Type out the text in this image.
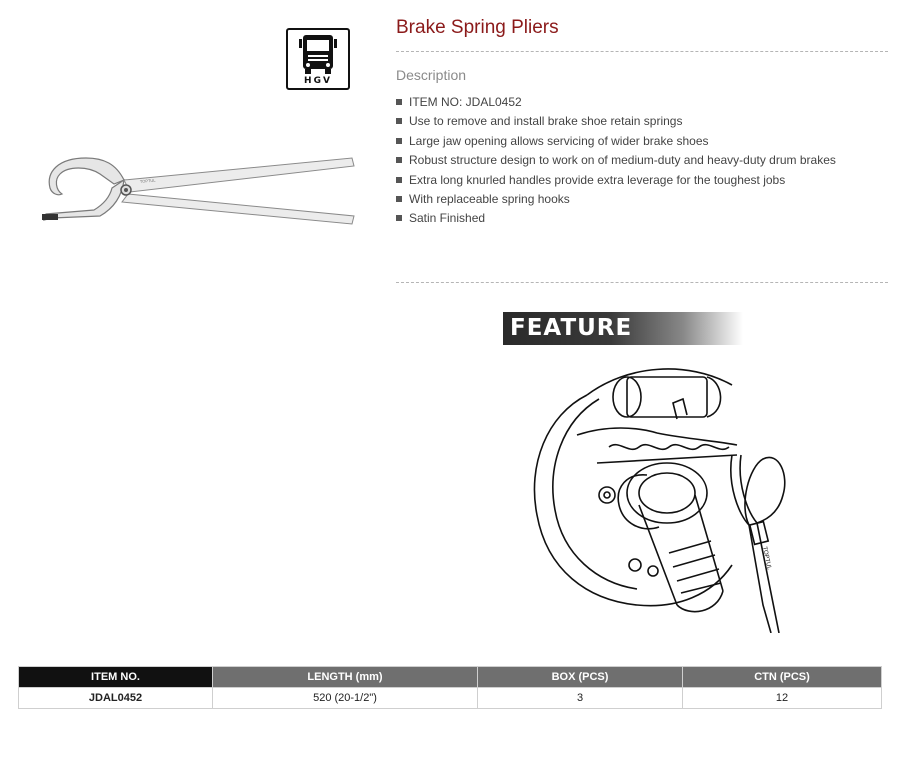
HGV
TOPTUL
Brake Spring Pliers
Description
ITEM NO: JDAL0452
Use to remove and install brake shoe retain springs
Large jaw opening allows servicing of wider brake shoes
Robust structure design to work on of medium-duty and heavy-duty drum brakes
Extra long knurled handles provide extra leverage for the toughest jobs
With replaceable spring hooks
Satin Finished
FEATURE
TOPTUL
ITEM NO.	LENGTH (mm)	BOX (PCS)	CTN (PCS)
JDAL0452	520 (20-1/2")	3	12
